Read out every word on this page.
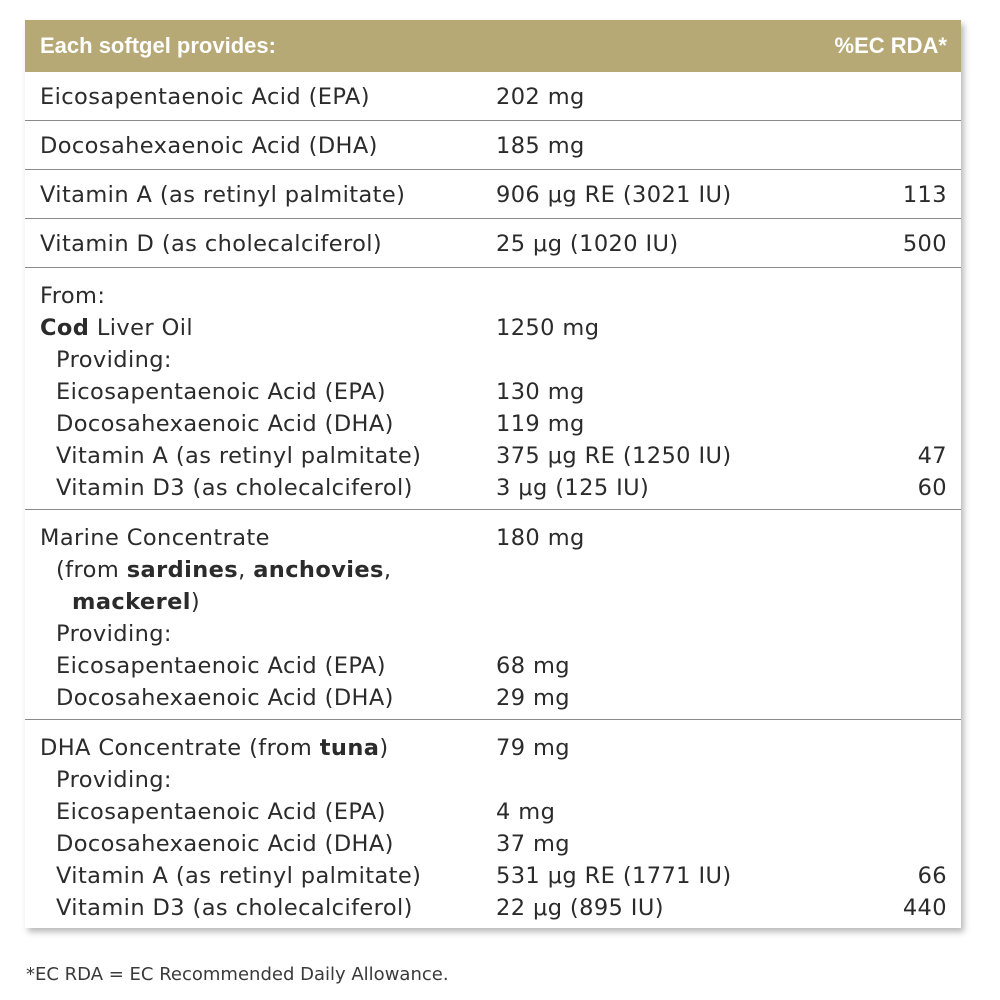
Each softgel provides:	%EC RDA*
Eicosapentaenoic Acid (EPA)	202 mg
Docosahexaenoic Acid (DHA)	185 mg
Vitamin A (as retinyl palmitate)	906 μg RE (3021 IU)	113
Vitamin D (as cholecalciferol)	25 μg (1020 IU)	500
From:
Cod Liver Oil	1250 mg
Providing:
Eicosapentaenoic Acid (EPA)	130 mg
Docosahexaenoic Acid (DHA)	119 mg
Vitamin A (as retinyl palmitate)	375 μg RE (1250 IU)	47
Vitamin D3 (as cholecalciferol)	3 μg (125 IU)	60
Marine Concentrate	180 mg
(from sardines, anchovies,
mackerel)
Providing:
Eicosapentaenoic Acid (EPA)	68 mg
Docosahexaenoic Acid (DHA)	29 mg
DHA Concentrate (from tuna)	79 mg
Providing:
Eicosapentaenoic Acid (EPA)	4 mg
Docosahexaenoic Acid (DHA)	37 mg
Vitamin A (as retinyl palmitate)	531 μg RE (1771 IU)	66
Vitamin D3 (as cholecalciferol)	22 μg (895 IU)	440
*EC RDA = EC Recommended Daily Allowance.
